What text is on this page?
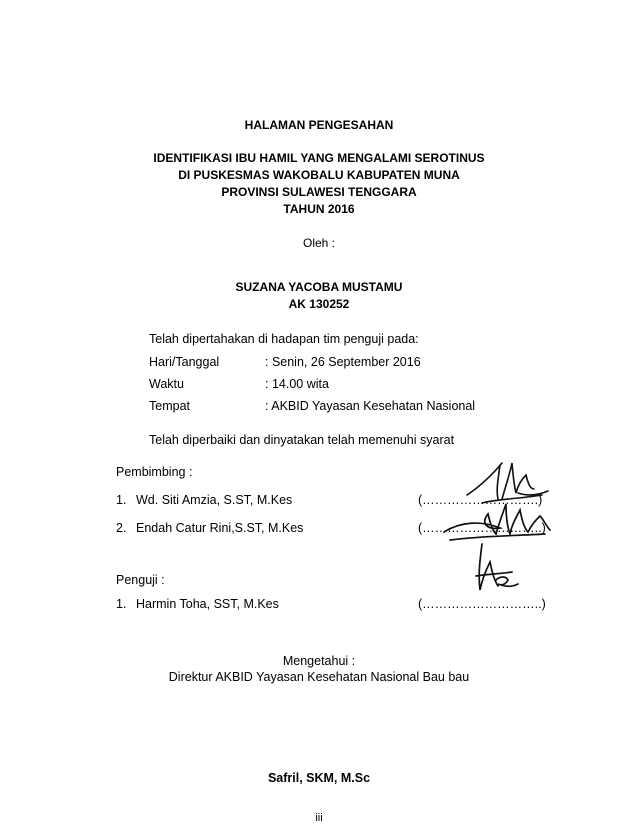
HALAMAN PENGESAHAN
IDENTIFIKASI IBU HAMIL YANG MENGALAMI SEROTINUS
DI PUSKESMAS WAKOBALU KABUPATEN MUNA
PROVINSI SULAWESI TENGGARA
TAHUN 2016
Oleh :
SUZANA YACOBA MUSTAMU
AK 130252
Telah dipertahakan di hadapan tim penguji pada:
Hari/Tanggal	: Senin, 26 September 2016
Waktu	: 14.00 wita
Tempat	: AKBID Yayasan Kesehatan Nasional
Telah diperbaiki dan dinyatakan telah memenuhi syarat
Pembimbing :
1. Wd. Siti Amzia, S.ST, M.Kes	(……………………….)
2. Endah Catur Rini,S.ST, M.Kes	(………………………..)
Penguji :
1. Harmin Toha, SST, M.Kes	(………………………..)
Mengetahui :
Direktur AKBID Yayasan Kesehatan Nasional Bau bau
Safril, SKM, M.Sc
iii
